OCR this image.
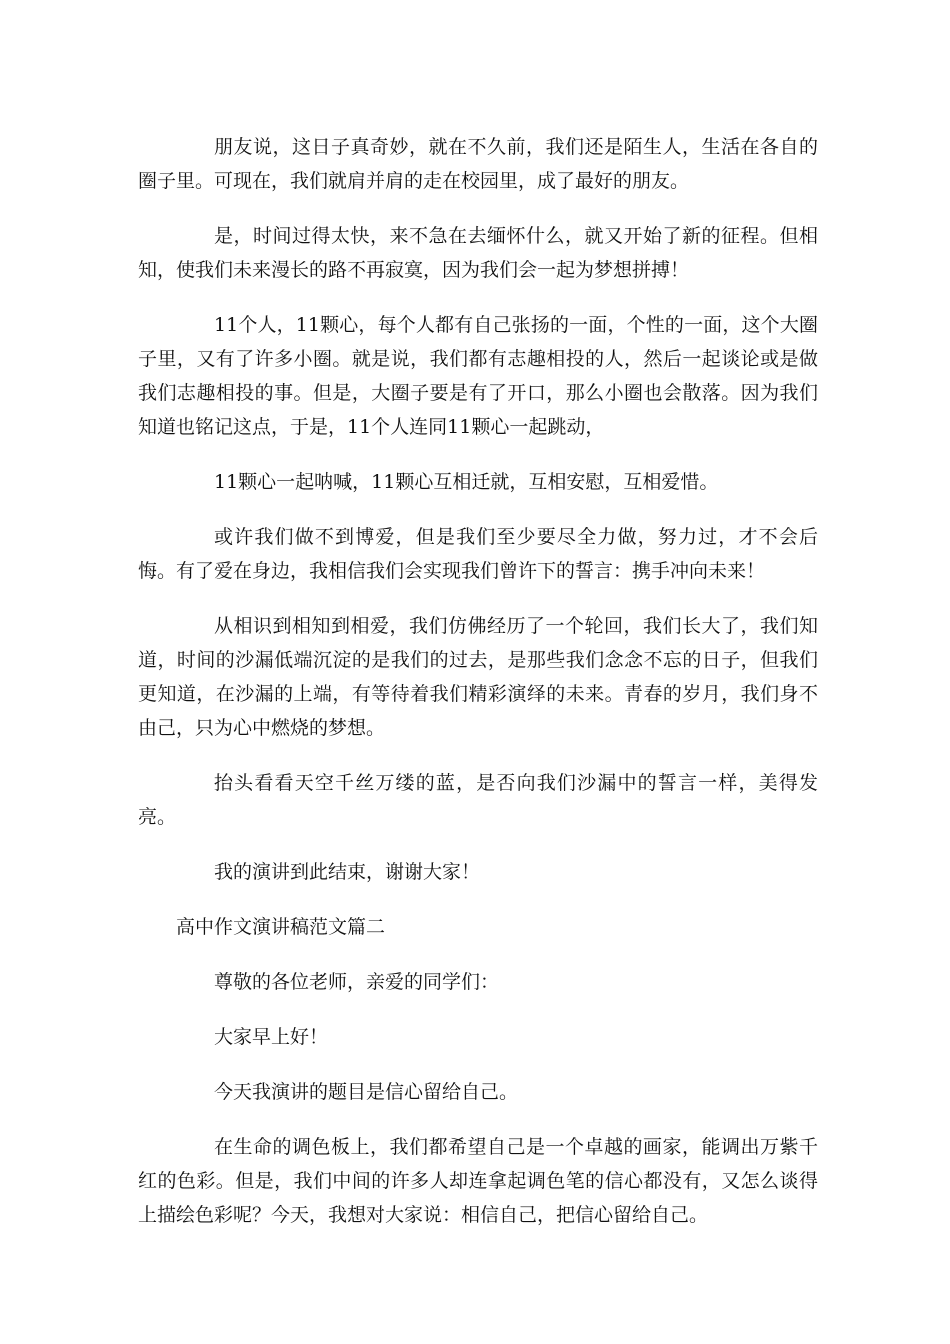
朋友说，这日子真奇妙，就在不久前，我们还是陌生人，生活在各自的圈子里。可现在，我们就肩并肩的走在校园里，成了最好的朋友。

是，时间过得太快，来不急在去缅怀什么，就又开始了新的征程。但相知，使我们未来漫长的路不再寂寞，因为我们会一起为梦想拼搏！

11个人，11颗心，每个人都有自己张扬的一面，个性的一面，这个大圈子里，又有了许多小圈。就是说，我们都有志趣相投的人，然后一起谈论或是做我们志趣相投的事。但是，大圈子要是有了开口，那么小圈也会散落。因为我们知道也铭记这点，于是，11个人连同11颗心一起跳动，

11颗心一起呐喊，11颗心互相迁就，互相安慰，互相爱惜。

或许我们做不到博爱，但是我们至少要尽全力做，努力过，才不会后悔。有了爱在身边，我相信我们会实现我们曾许下的誓言：携手冲向未来！

从相识到相知到相爱，我们仿佛经历了一个轮回，我们长大了，我们知道，时间的沙漏低端沉淀的是我们的过去，是那些我们念念不忘的日子，但我们更知道，在沙漏的上端，有等待着我们精彩演绎的未来。青春的岁月，我们身不由己，只为心中燃烧的梦想。

抬头看看天空千丝万缕的蓝，是否向我们沙漏中的誓言一样，美得发亮。

我的演讲到此结束，谢谢大家！

高中作文演讲稿范文篇二

尊敬的各位老师，亲爱的同学们：

大家早上好！

今天我演讲的题目是信心留给自己。

在生命的调色板上，我们都希望自己是一个卓越的画家，能调出万紫千红的色彩。但是，我们中间的许多人却连拿起调色笔的信心都没有，又怎么谈得上描绘色彩呢？今天，我想对大家说：相信自己，把信心留给自己。
